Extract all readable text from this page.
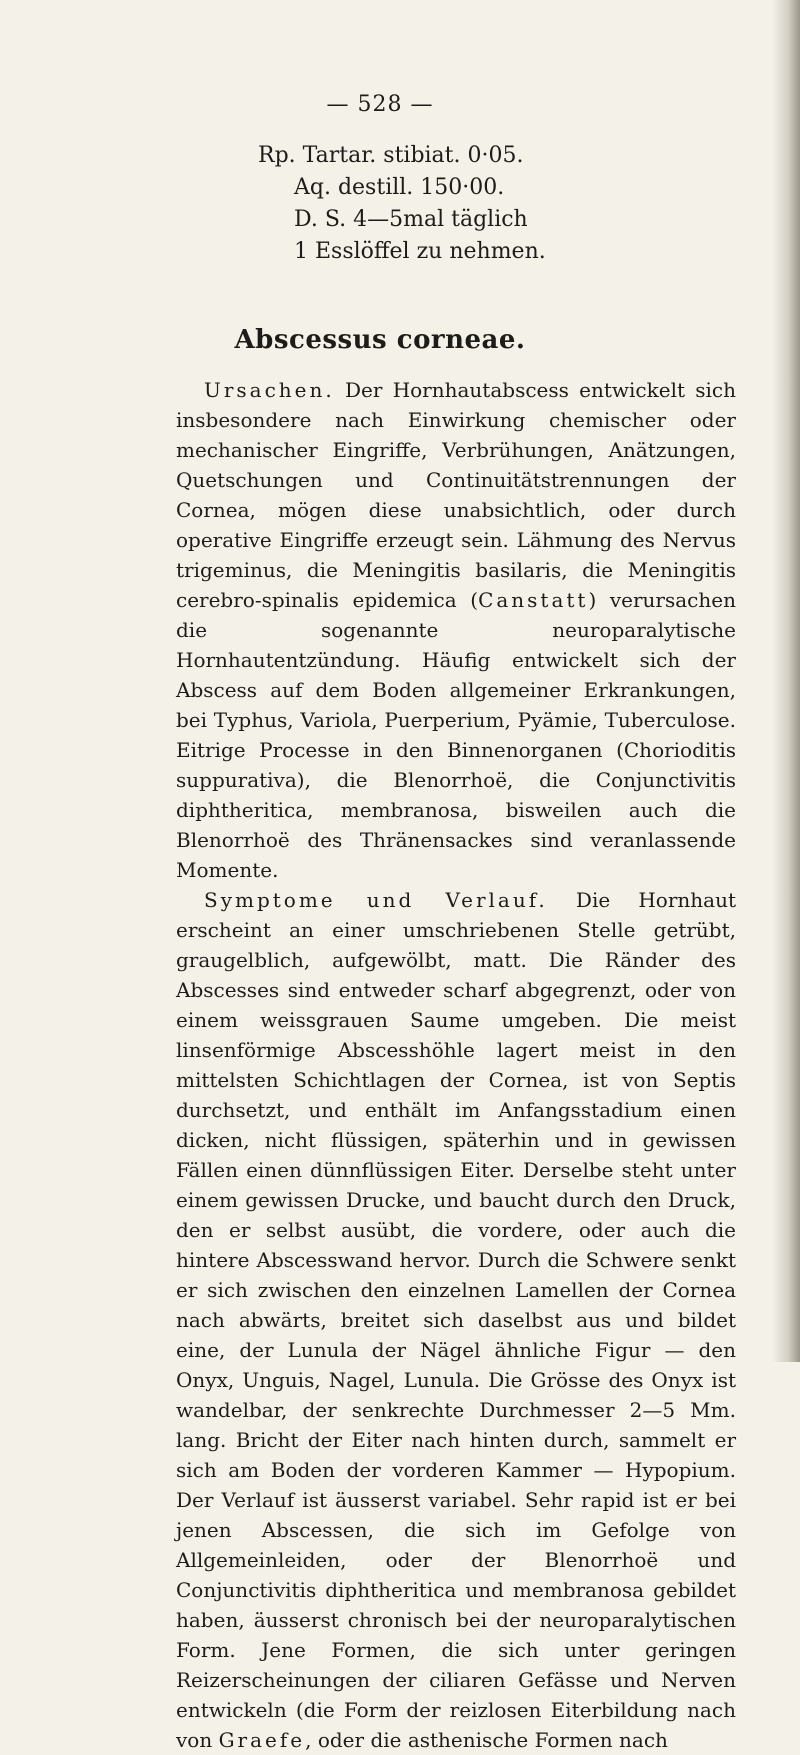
— 528 —
Rp. Tartar. stibiat. 0·05.
Aq. destill. 150·00.
D. S. 4—5mal täglich
1 Esslöffel zu nehmen.
Abscessus corneae.

Ursachen. Der Hornhautabscess entwickelt sich insbesondere nach Einwirkung chemischer oder mechanischer Eingriffe, Verbrühungen, Anätzungen, Quetschungen und Continuitätstrennungen der Cornea, mögen diese unabsichtlich, oder durch operative Eingriffe erzeugt sein. Lähmung des Nervus trigeminus, die Meningitis basilaris, die Meningitis cerebro-spinalis epidemica (Canstatt) verursachen die sogenannte neuroparalytische Hornhautentzündung. Häufig entwickelt sich der Abscess auf dem Boden allgemeiner Erkrankungen, bei Typhus, Variola, Puerperium, Pyämie, Tuberculose. Eitrige Processe in den Binnenorganen (Chorioditis suppurativa), die Blenorrhoë, die Conjunctivitis diphtheritica, membranosa, bisweilen auch die Blenorrhoë des Thränensackes sind veranlassende Momente.

Symptome und Verlauf. Die Hornhaut erscheint an einer umschriebenen Stelle getrübt, graugelblich, aufgewölbt, matt. Die Ränder des Abscesses sind entweder scharf abgegrenzt, oder von einem weissgrauen Saume umgeben. Die meist linsenförmige Abscesshöhle lagert meist in den mittelsten Schichtlagen der Cornea, ist von Septis durchsetzt, und enthält im Anfangsstadium einen dicken, nicht flüssigen, späterhin und in gewissen Fällen einen dünnflüssigen Eiter. Derselbe steht unter einem gewissen Drucke, und baucht durch den Druck, den er selbst ausübt, die vordere, oder auch die hintere Abscesswand hervor. Durch die Schwere senkt er sich zwischen den einzelnen Lamellen der Cornea nach abwärts, breitet sich daselbst aus und bildet eine, der Lunula der Nägel ähnliche Figur — den Onyx, Unguis, Nagel, Lunula. Die Grösse des Onyx ist wandelbar, der senkrechte Durchmesser 2—5 Mm. lang. Bricht der Eiter nach hinten durch, sammelt er sich am Boden der vorderen Kammer — Hypopium. Der Verlauf ist äusserst variabel. Sehr rapid ist er bei jenen Abscessen, die sich im Gefolge von Allgemeinleiden, oder der Blenorrhoë und Conjunctivitis diphtheritica und membranosa gebildet haben, äusserst chronisch bei der neuroparalytischen Form. Jene Formen, die sich unter geringen Reizerscheinungen der ciliaren Gefässe und Nerven entwickeln (die Form der reizlosen Eiterbildung nach von Graefe, oder die asthenische Formen nach
